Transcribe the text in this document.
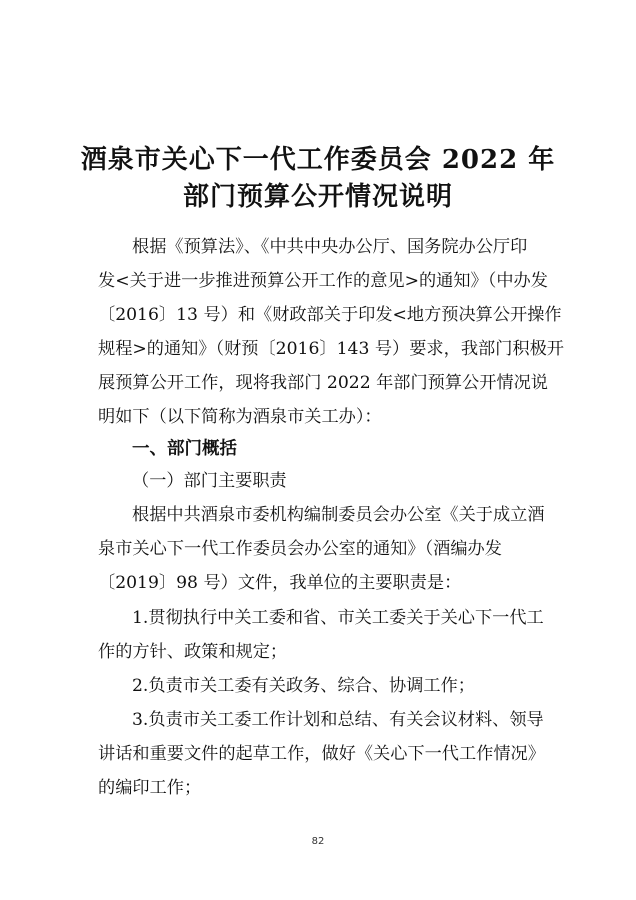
酒泉市关心下一代工作委员会 2022 年
部门预算公开情况说明
根据《预算法》、《中共中央办公厅、国务院办公厅印
发<关于进一步推进预算公开工作的意见>的通知》（中办发
〔2016〕13 号）和《财政部关于印发<地方预决算公开操作
规程>的通知》（财预〔2016〕143 号）要求，我部门积极开
展预算公开工作，现将我部门 2022 年部门预算公开情况说
明如下（以下简称为酒泉市关工办）：
一、部门概括
（一）部门主要职责
根据中共酒泉市委机构编制委员会办公室《关于成立酒
泉市关心下一代工作委员会办公室的通知》（酒编办发
〔2019〕98 号）文件，我单位的主要职责是：
1.贯彻执行中关工委和省、市关工委关于关心下一代工
作的方针、政策和规定；
2.负责市关工委有关政务、综合、协调工作；
3.负责市关工委工作计划和总结、有关会议材料、领导
讲话和重要文件的起草工作，做好《关心下一代工作情况》
的编印工作；
82
